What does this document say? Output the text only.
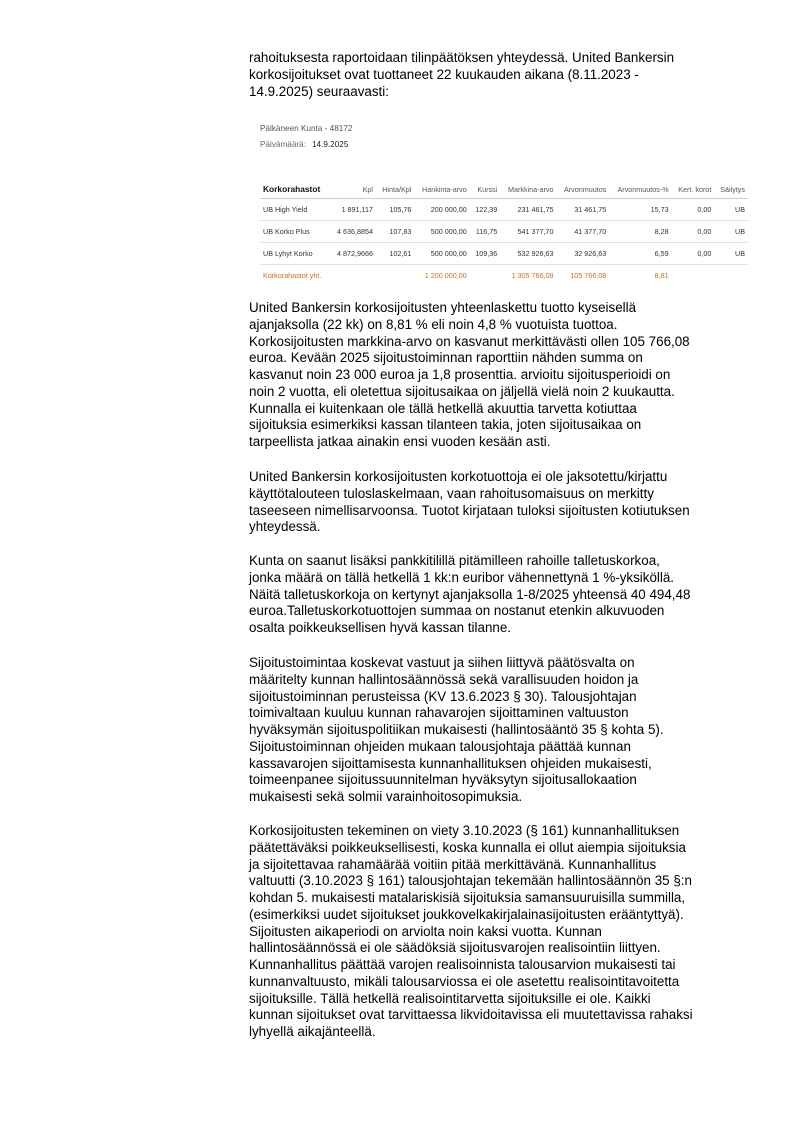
rahoituksesta raportoidaan tilinpäätöksen yhteydessä. United Bankersin
korkosijoitukset ovat tuottaneet 22 kuukauden aikana (8.11.2023 -
14.9.2025) seuraavasti:

Pälkäneen Kunta - 48172
Päivämäärä: 14.9.2025
Korkorahastot	Kpl	Hinta/Kpl	Hankinta-arvo	Kurssi	Markkina-arvo	Arvonmuutos	Arvonmuutos-%	Kert. korot	Säilytys
UB High Yield	1 891,117	105,76	200 000,00	122,39	231 461,75	31 461,75	15,73	0,00	UB
UB Korko Plus	4 636,8854	107,83	500 000,00	116,75	541 377,70	41 377,70	8,28	0,00	UB
UB Lyhyt Korko	4 872,9666	102,61	500 000,00	109,36	532 926,63	32 926,63	6,59	0,00	UB
Korkorahastot yht.			1 200 000,00		1 305 766,08	105 766,08	8,81		

United Bankersin korkosijoitusten yhteenlaskettu tuotto kyseisellä
ajanjaksolla (22 kk) on 8,81 % eli noin 4,8 % vuotuista tuottoa.
Korkosijoitusten markkina-arvo on kasvanut merkittävästi ollen 105 766,08
euroa. Kevään 2025 sijoitustoiminnan raporttiin nähden summa on
kasvanut noin 23 000 euroa ja 1,8 prosenttia. arvioitu sijoitusperioidi on
noin 2 vuotta, eli oletettua sijoitusaikaa on jäljellä vielä noin 2 kuukautta.
Kunnalla ei kuitenkaan ole tällä hetkellä akuuttia tarvetta kotiuttaa
sijoituksia esimerkiksi kassan tilanteen takia, joten sijoitusaikaa on
tarpeellista jatkaa ainakin ensi vuoden kesään asti.

United Bankersin korkosijoitusten korkotuottoja ei ole jaksotettu/kirjattu
käyttötalouteen tuloslaskelmaan, vaan rahoitusomaisuus on merkitty
taseeseen nimellisarvoonsa. Tuotot kirjataan tuloksi sijoitusten kotiutuksen
yhteydessä.

Kunta on saanut lisäksi pankkitilillä pitämilleen rahoille talletuskorkoa,
jonka määrä on tällä hetkellä 1 kk:n euribor vähennettynä 1 %-yksiköllä.
Näitä talletuskorkoja on kertynyt ajanjaksolla 1-8/2025 yhteensä 40 494,48
euroa.Talletuskorkotuottojen summaa on nostanut etenkin alkuvuoden
osalta poikkeuksellisen hyvä kassan tilanne.

Sijoitustoimintaa koskevat vastuut ja siihen liittyvä päätösvalta on
määritelty kunnan hallintosäännössä sekä varallisuuden hoidon ja
sijoitustoiminnan perusteissa (KV 13.6.2023 § 30). Talousjohtajan
toimivaltaan kuuluu kunnan rahavarojen sijoittaminen valtuuston
hyväksymän sijoituspolitiikan mukaisesti (hallintosääntö 35 § kohta 5).
Sijoitustoiminnan ohjeiden mukaan talousjohtaja päättää kunnan
kassavarojen sijoittamisesta kunnanhallituksen ohjeiden mukaisesti,
toimeenpanee sijoitussuunnitelman hyväksytyn sijoitusallokaation
mukaisesti sekä solmii varainhoitosopimuksia.

Korkosijoitusten tekeminen on viety 3.10.2023 (§ 161) kunnanhallituksen
päätettäväksi poikkeuksellisesti, koska kunnalla ei ollut aiempia sijoituksia
ja sijoitettavaa rahamäärää voitiin pitää merkittävänä. Kunnanhallitus
valtuutti (3.10.2023 § 161) talousjohtajan tekemään hallintosäännön 35 §:n
kohdan 5. mukaisesti matalariskisiä sijoituksia samansuuruisilla summilla,
(esimerkiksi uudet sijoitukset joukkovelkakirjalainasijoitusten erääntyttyä).
Sijoitusten aikaperiodi on arviolta noin kaksi vuotta. Kunnan
hallintosäännössä ei ole säädöksiä sijoitusvarojen realisointiin liittyen.
Kunnanhallitus päättää varojen realisoinnista talousarvion mukaisesti tai
kunnanvaltuusto, mikäli talousarviossa ei ole asetettu realisointitavoitetta
sijoituksille. Tällä hetkellä realisointitarvetta sijoituksille ei ole. Kaikki
kunnan sijoitukset ovat tarvittaessa likvidoitavissa eli muutettavissa rahaksi
lyhyellä aikajänteellä.
